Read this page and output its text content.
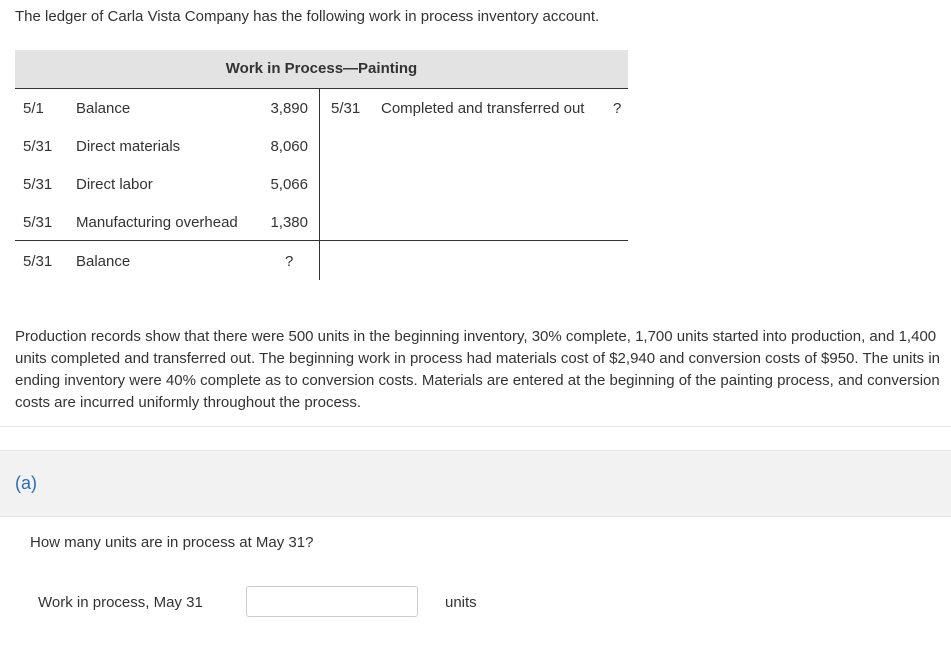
The ledger of Carla Vista Company has the following work in process inventory account.
Work in Process—Painting
5/1 Balance	3,890
5/31 Direct materials	8,060
5/31 Direct labor	5,066
5/31 Manufacturing overhead	1,380
5/31 Completed and transferred out ?
5/31 Balance	?
Production records show that there were 500 units in the beginning inventory, 30% complete, 1,700 units started into production, and 1,400 units completed and transferred out. The beginning work in process had materials cost of $2,940 and conversion costs of $950. The units in ending inventory were 40% complete as to conversion costs. Materials are entered at the beginning of the painting process, and conversion costs are incurred uniformly throughout the process.
(a)
How many units are in process at May 31?
Work in process, May 31	units
